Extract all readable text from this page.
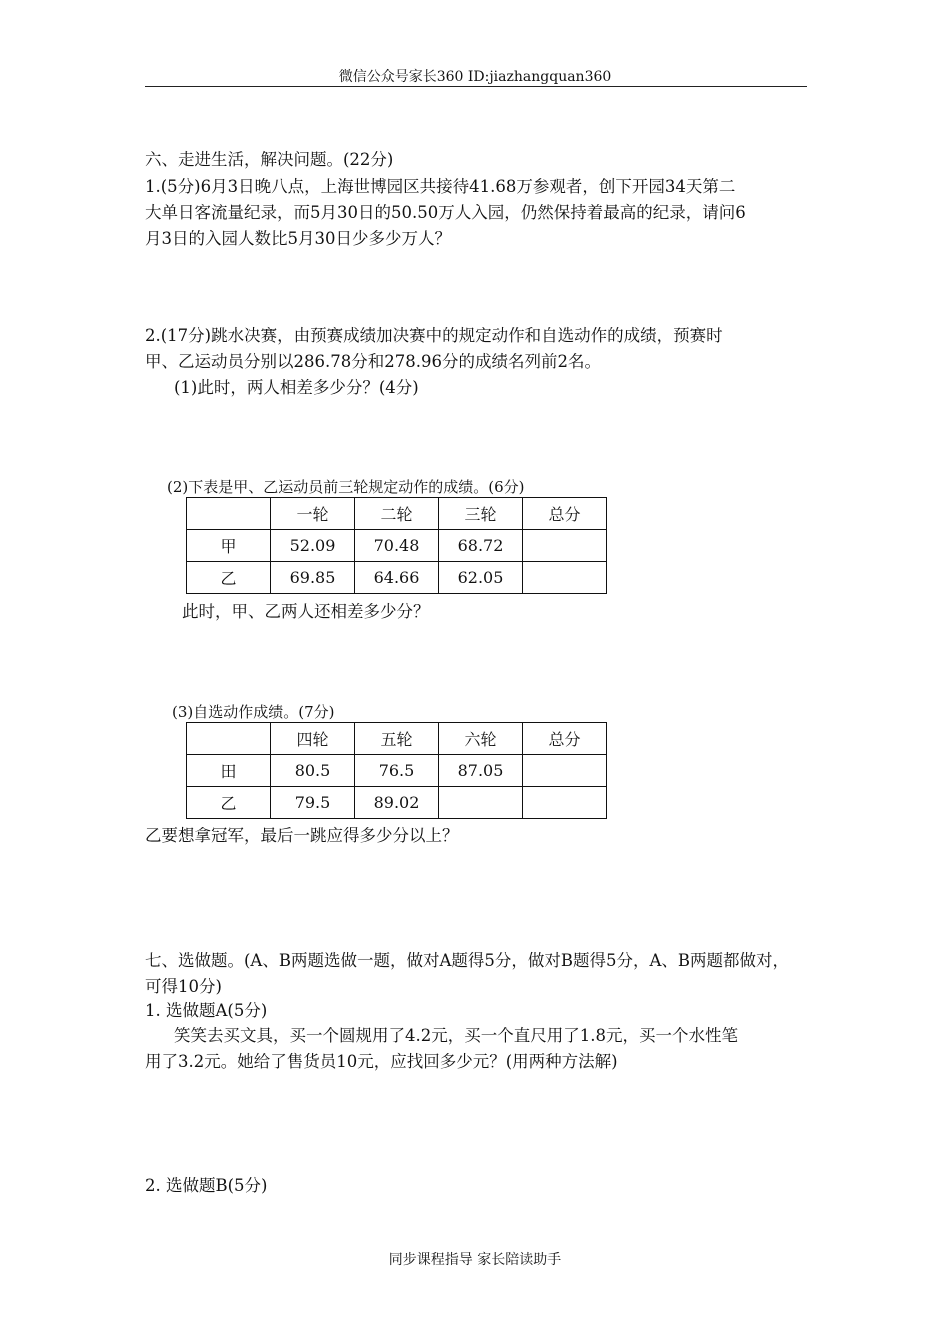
微信公众号家长360 ID:jiazhangquan360
六、走进生活，解决问题。(22分)
1.(5分)6月3日晚八点，上海世博园区共接待41.68万参观者，创下开园34天第二
大单日客流量纪录，而5月30日的50.50万人入园，仍然保持着最高的纪录，请问6
月3日的入园人数比5月30日少多少万人？
2.(17分)跳水决赛，由预赛成绩加决赛中的规定动作和自选动作的成绩，预赛时
甲、乙运动员分别以286.78分和278.96分的成绩名列前2名。
(1)此时，两人相差多少分？(4分)
(2)下表是甲、乙运动员前三轮规定动作的成绩。(6分)
	一轮	二轮	三轮	总分
甲	52.09	70.48	68.72	
乙	69.85	64.66	62.05	
此时，甲、乙两人还相差多少分？
(3)自选动作成绩。(7分)
	四轮	五轮	六轮	总分
田	80.5	76.5	87.05	
乙	79.5	89.02		
乙要想拿冠军，最后一跳应得多少分以上？
七、选做题。(A、B两题选做一题，做对A题得5分，做对B题得5分，A、B两题都做对，
可得10分)
1. 选做题A(5分)
笑笑去买文具，买一个圆规用了4.2元，买一个直尺用了1.8元，买一个水性笔
用了3.2元。她给了售货员10元，应找回多少元？(用两种方法解)
2. 选做题B(5分)
同步课程指导 家长陪读助手
